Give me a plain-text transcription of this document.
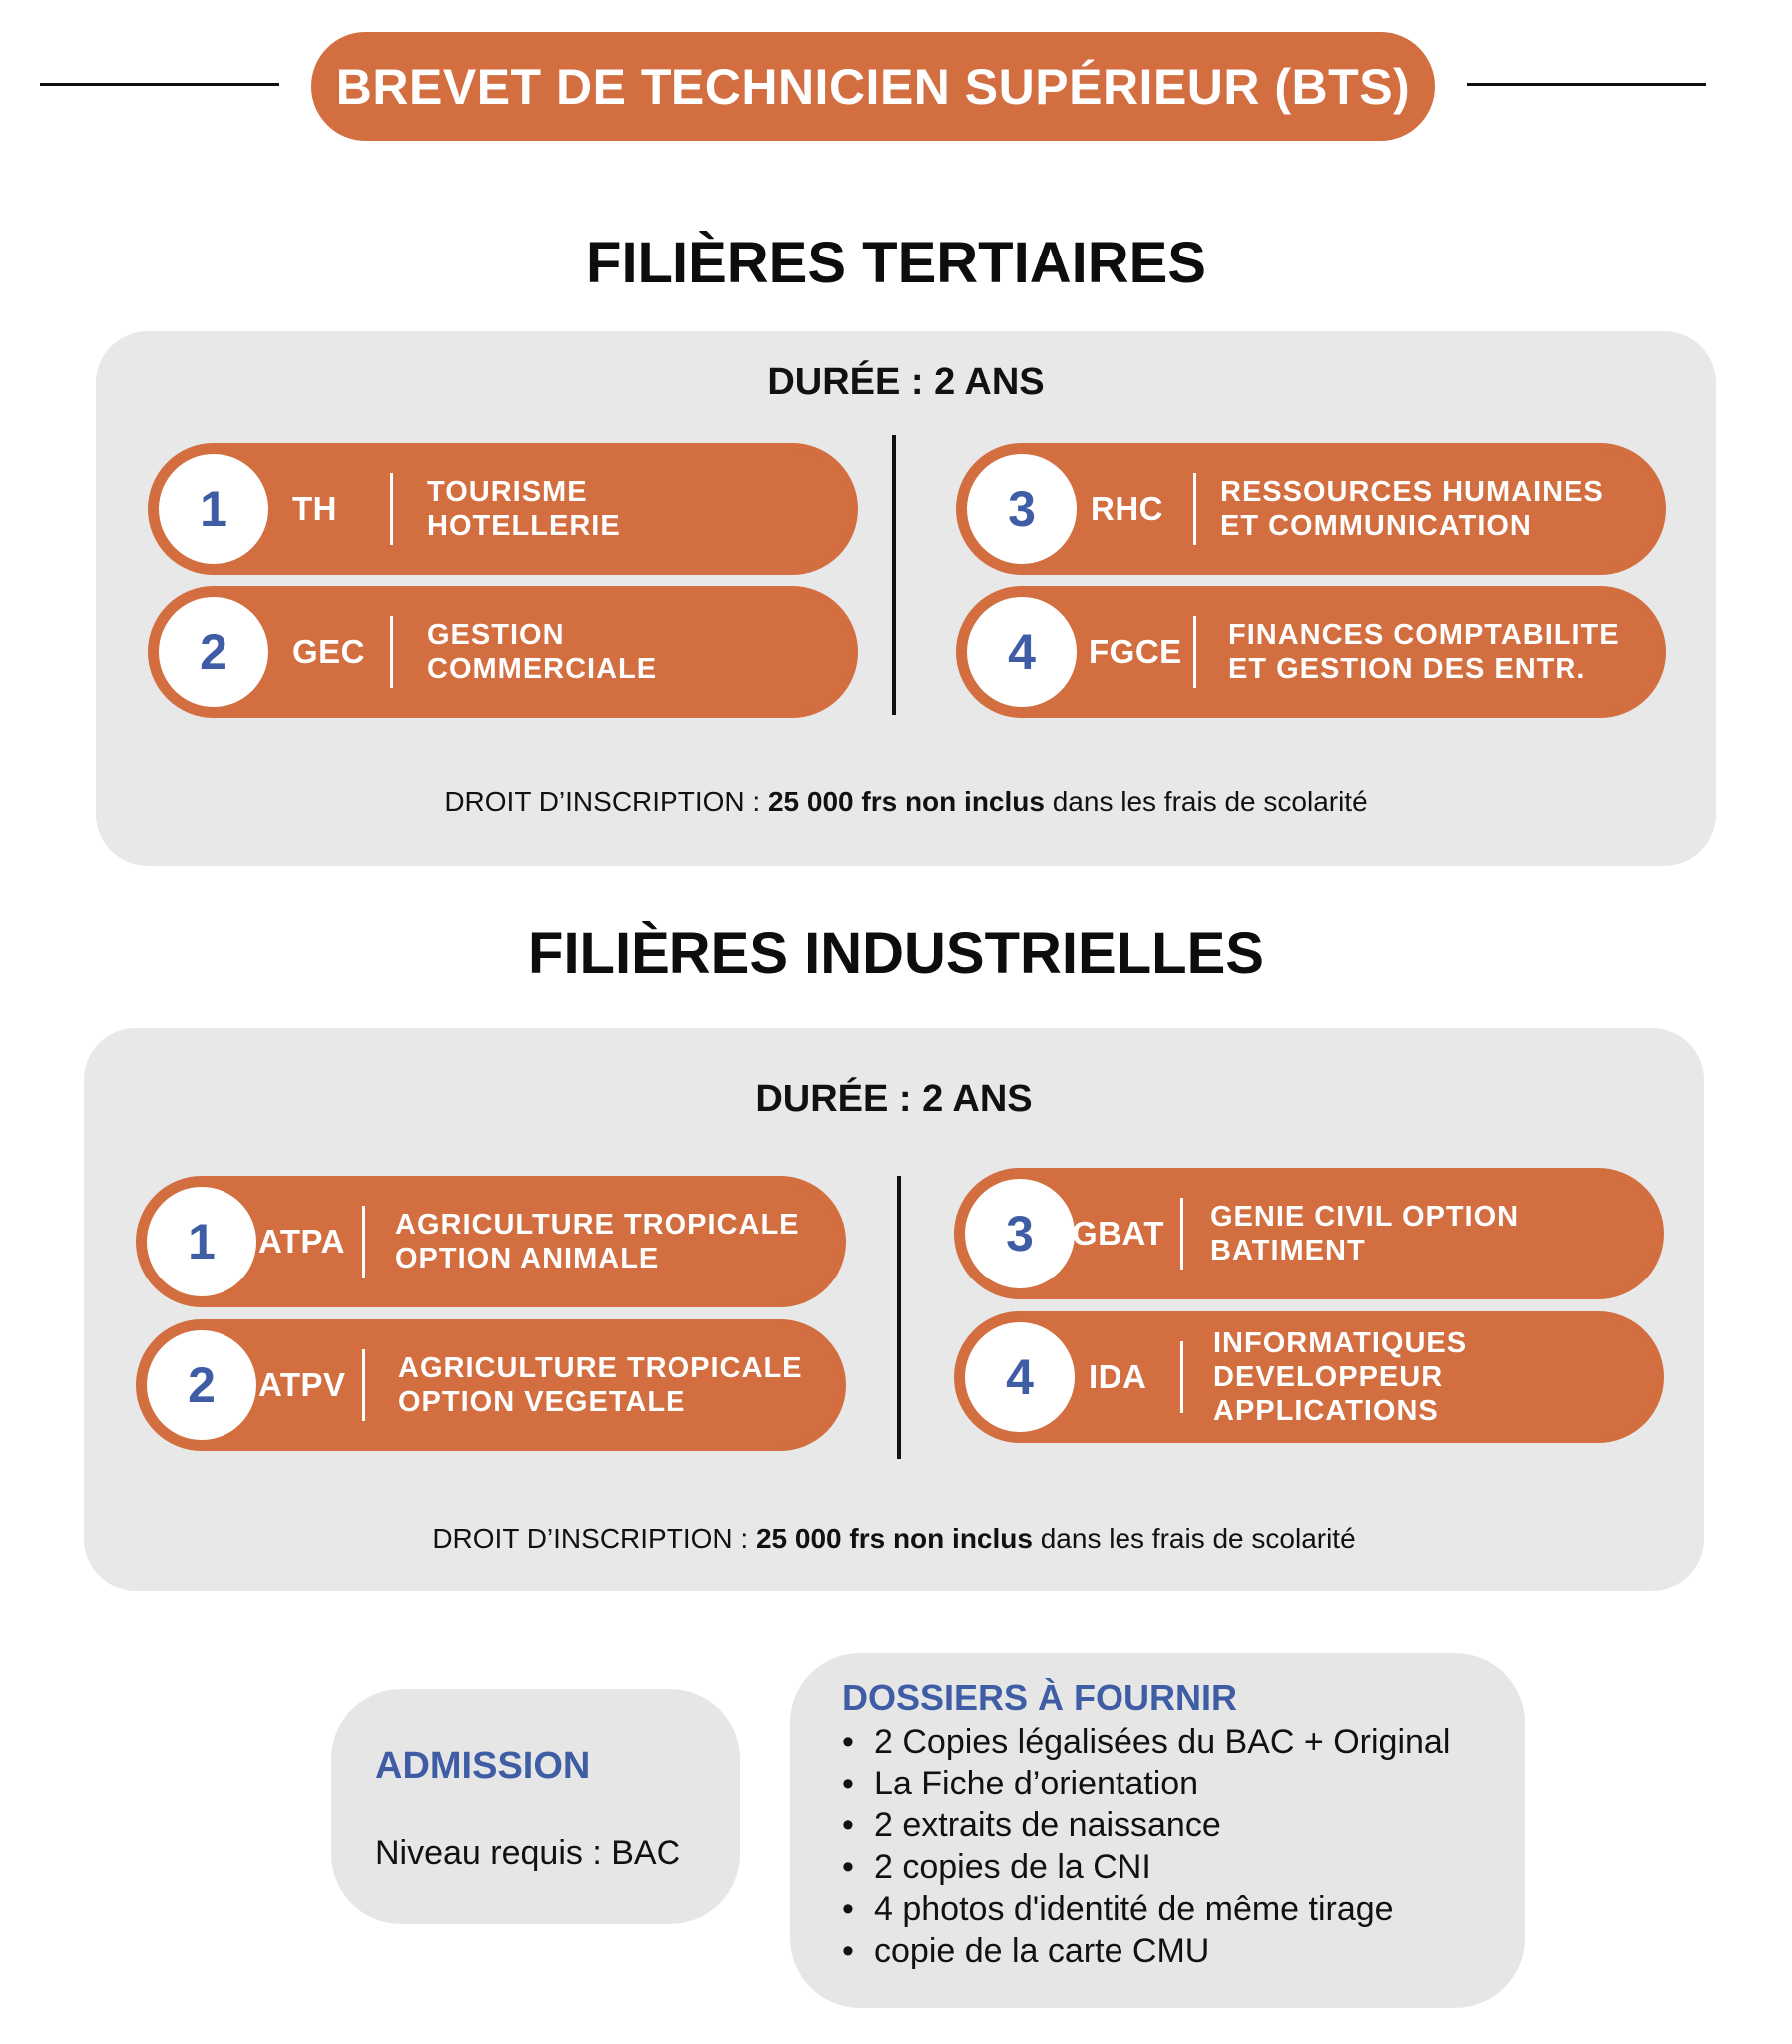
BREVET DE TECHNICIEN SUPÉRIEUR (BTS)
FILIÈRES TERTIAIRES
DURÉE : 2 ANS
1	TH	TOURISME
HOTELLERIE
2	GEC GESTION
COMMERCIALE
3	RHC RESSOURCES HUMAINES
ET COMMUNICATION
4	FGCE FINANCES COMPTABILITE
ET GESTION DES ENTR.
DROIT D’INSCRIPTION : 25 000 frs non inclus dans les frais de scolarité
FILIÈRES INDUSTRIELLES
DURÉE : 2 ANS
1	ATPA AGRICULTURE TROPICALE
OPTION ANIMALE
2	ATPV AGRICULTURE TROPICALE
OPTION VEGETALE
3	GBAT GENIE CIVIL OPTION
BATIMENT
4	IDA
INFORMATIQUES
DEVELOPPEUR
APPLICATIONS
DROIT D’INSCRIPTION : 25 000 frs non inclus dans les frais de scolarité
ADMISSION
Niveau requis : BAC
DOSSIERS À FOURNIR
• 2 Copies légalisées du BAC + Original
• La Fiche d’orientation
• 2 extraits de naissance
• 2 copies de la CNI
• 4 photos d'identité de même tirage
• copie de la carte CMU
